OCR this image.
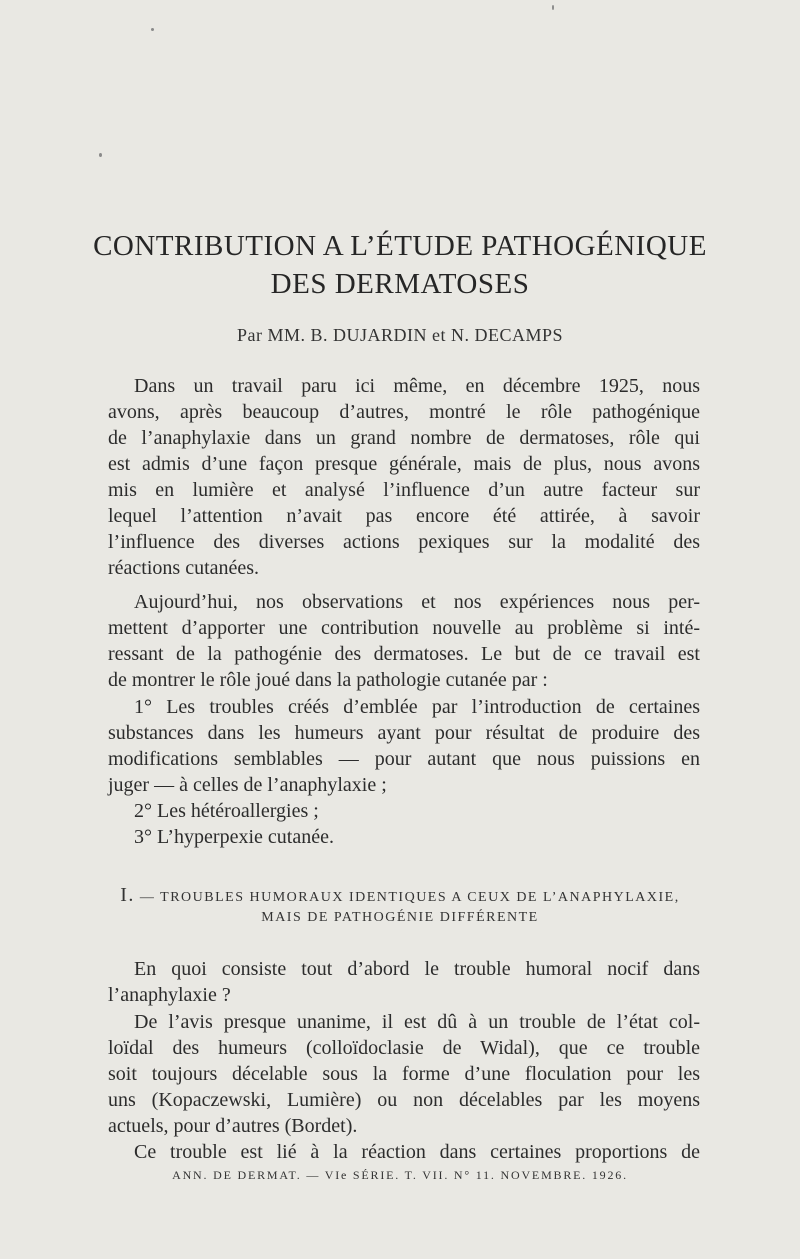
CONTRIBUTION A L’ÉTUDE PATHOGÉNIQUE
DES DERMATOSES
Par MM. B. DUJARDIN et N. DECAMPS
Dans un travail paru ici même, en décembre 1925, nous
avons, après beaucoup d’autres, montré le rôle pathogénique
de l’anaphylaxie dans un grand nombre de dermatoses, rôle qui
est admis d’une façon presque générale, mais de plus, nous avons
mis en lumière et analysé l’influence d’un autre facteur sur
lequel l’attention n’avait pas encore été attirée, à savoir
l’influence des diverses actions pexiques sur la modalité des
réactions cutanées.
Aujourd’hui, nos observations et nos expériences nous per-
mettent d’apporter une contribution nouvelle au problème si inté-
ressant de la pathogénie des dermatoses. Le but de ce travail est
de montrer le rôle joué dans la pathologie cutanée par :
1° Les troubles créés d’emblée par l’introduction de certaines
substances dans les humeurs ayant pour résultat de produire des
modifications semblables — pour autant que nous puissions en
juger — à celles de l’anaphylaxie ;
2° Les hétéroallergies ;
3° L’hyperpexie cutanée.
I. — TROUBLES HUMORAUX IDENTIQUES A CEUX DE L’ANAPHYLAXIE,
MAIS DE PATHOGÉNIE DIFFÉRENTE
En quoi consiste tout d’abord le trouble humoral nocif dans
l’anaphylaxie ?
De l’avis presque unanime, il est dû à un trouble de l’état col-
loïdal des humeurs (colloïdoclasie de Widal), que ce trouble
soit toujours décelable sous la forme d’une floculation pour les
uns (Kopaczewski, Lumière) ou non décelables par les moyens
actuels, pour d’autres (Bordet).
Ce trouble est lié à la réaction dans certaines proportions de
ANN. DE DERMAT. — VIe SÉRIE. T. VII. N° 11. NOVEMBRE. 1926.
